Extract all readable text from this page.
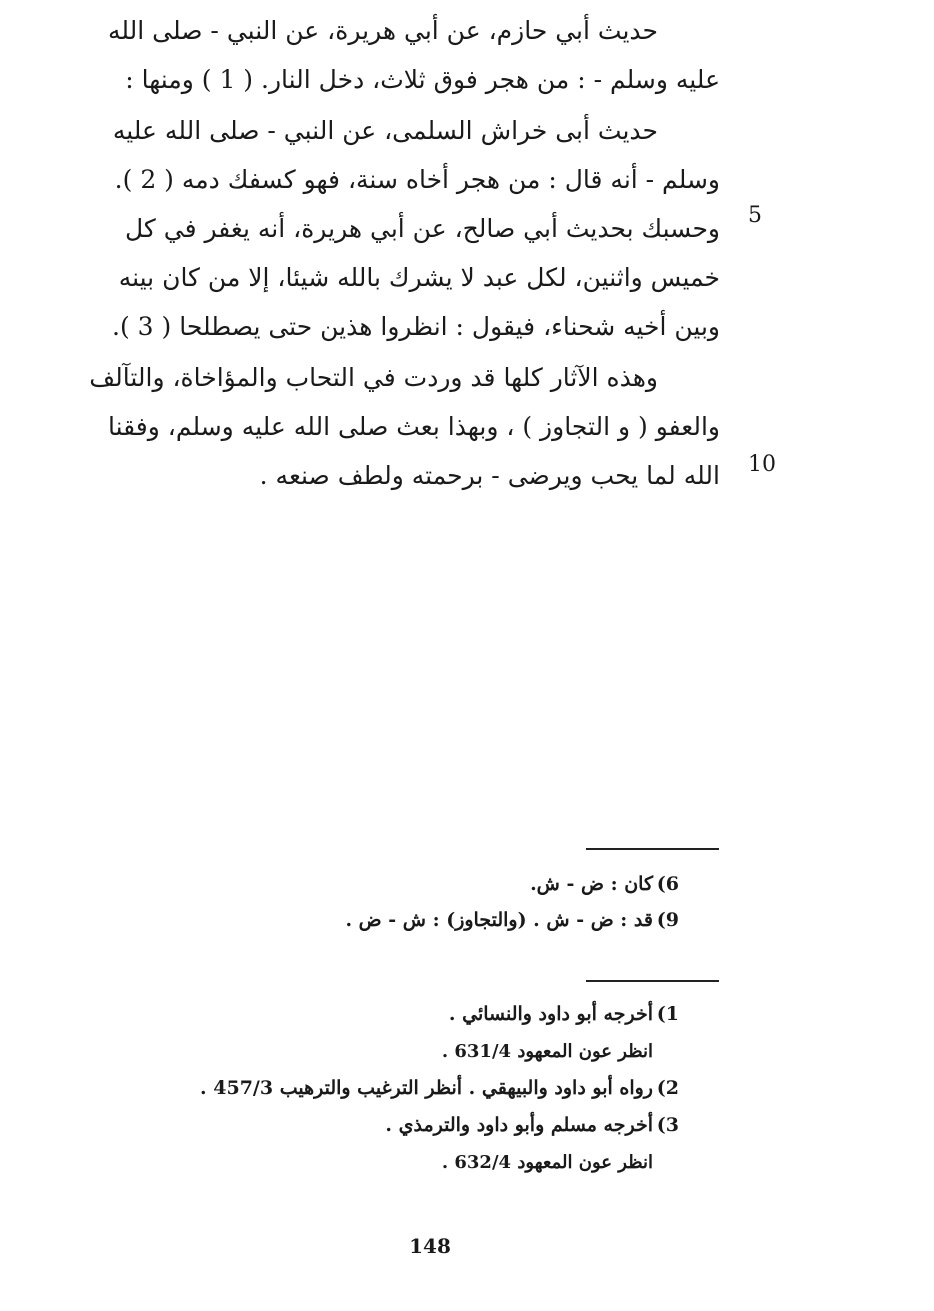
حديث أبي حازم، عن أبي هريرة، عن النبي - صلى الله

عليه وسلم - : من هجر فوق ثلاث، دخل النار. ( 1 ) ومنها :

حديث أبى خراش السلمى، عن النبي - صلى الله عليه

وسلم - أنه قال : من هجر أخاه سنة، فهو كسفك دمه ( 2 ).

وحسبك بحديث أبي صالح، عن أبي هريرة، أنه يغفر في كل

خميس واثنين، لكل عبد لا يشرك بالله شيئا، إلا من كان بينه

وبين أخيه شحناء، فيقول : انظروا هذين حتى يصطلحا ( 3 ).

وهذه الآثار كلها قد وردت في التحاب والمؤاخاة، والتآلف

والعفو ( و التجاوز ) ، وبهذا بعث صلى الله عليه وسلم، وفقنا

الله لما يحب ويرضى - برحمته ولطف صنعه .

5
10
6)
كان : ض - ش.
9)
قد : ض - ش . (والتجاوز) : ش - ض .
1)
أخرجه أبو داود والنسائي .
انظر عون المعهود 631/4 .
2)
رواه أبو داود والبيهقي . أنظر الترغيب والترهيب 457/3 .
3)
أخرجه مسلم وأبو داود والترمذي .
انظر عون المعهود 632/4 .
148
